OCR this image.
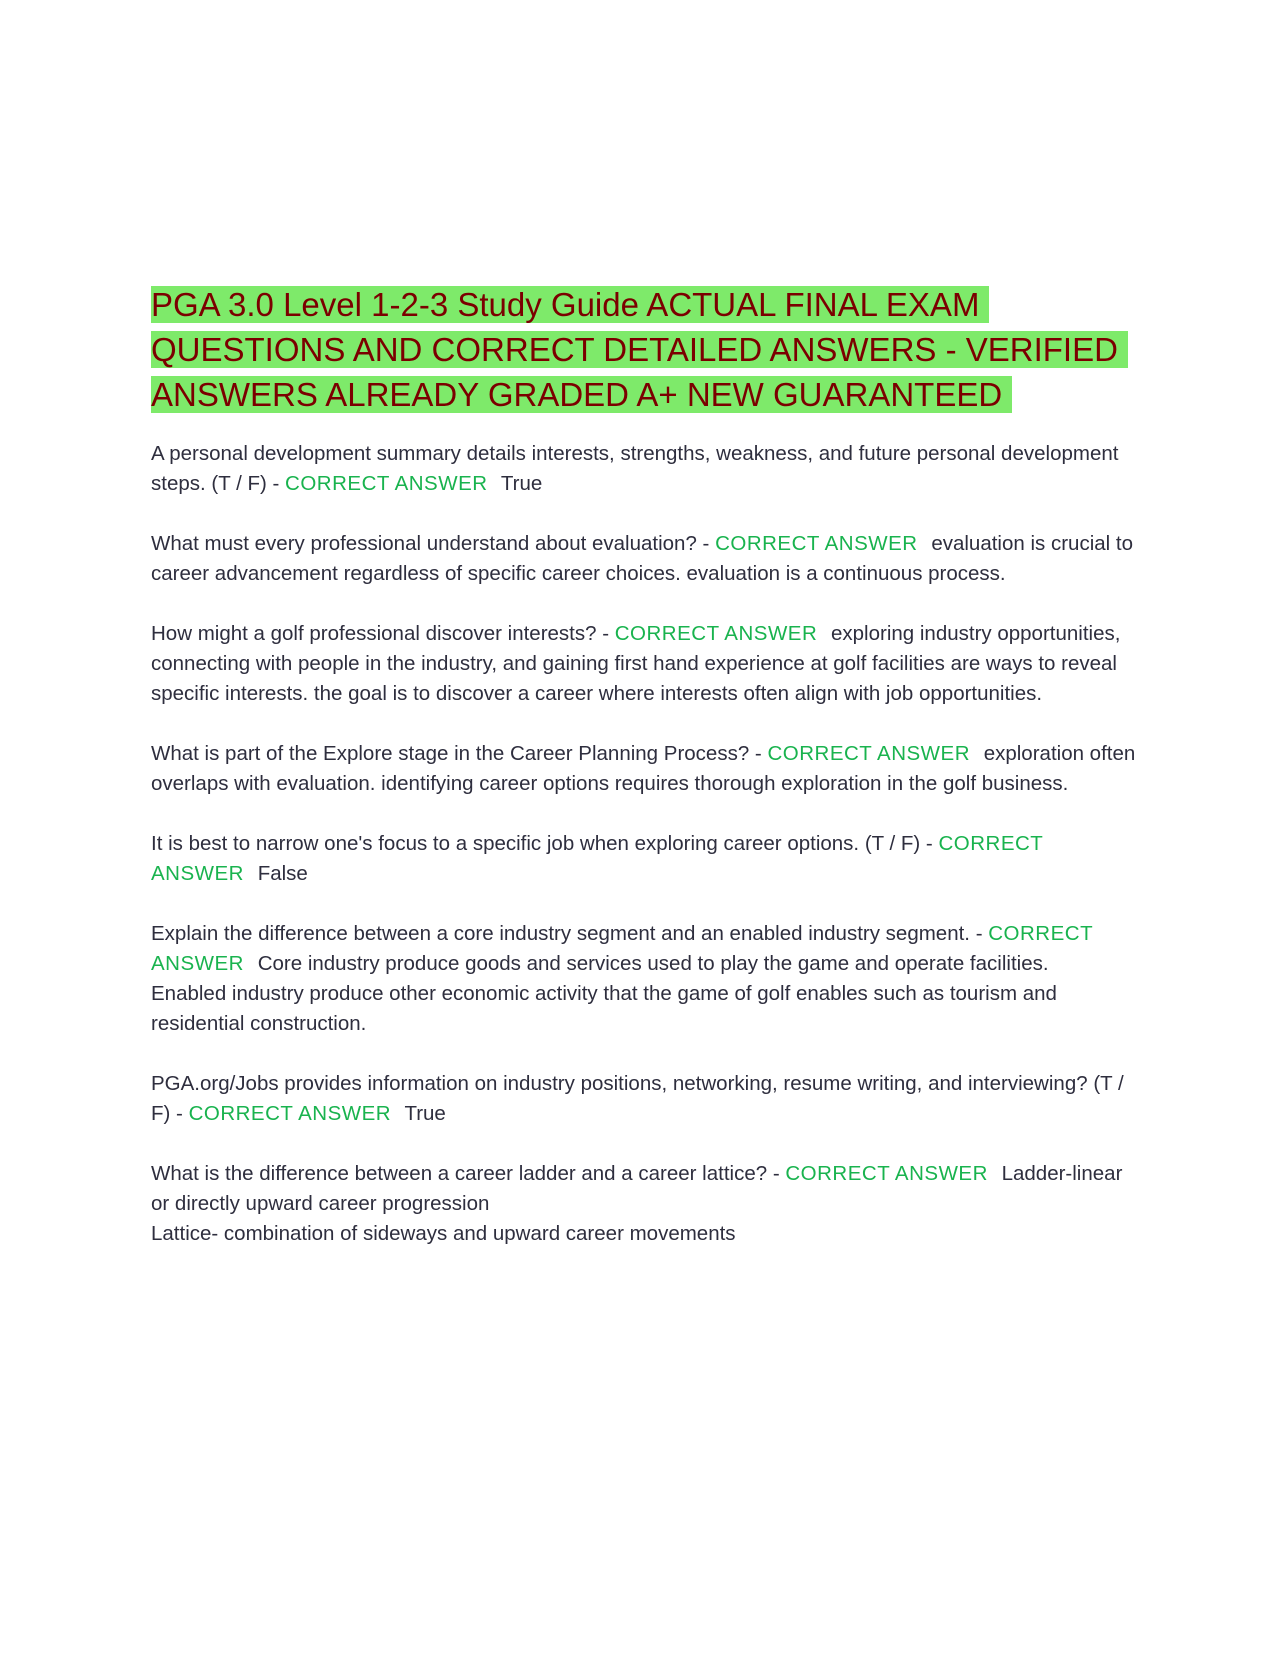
PGA 3.0 Level 1-2-3 Study Guide ACTUAL FINAL EXAM QUESTIONS AND CORRECT DETAILED ANSWERS - VERIFIED ANSWERS ALREADY GRADED A+ NEW GUARANTEED

A personal development summary details interests, strengths, weakness, and future personal development steps. (T / F) - CORRECT ANSWER True

What must every professional understand about evaluation? - CORRECT ANSWER evaluation is crucial to career advancement regardless of specific career choices. evaluation is a continuous process.

How might a golf professional discover interests? - CORRECT ANSWER exploring industry opportunities, connecting with people in the industry, and gaining first hand experience at golf facilities are ways to reveal specific interests. the goal is to discover a career where interests often align with job opportunities.

What is part of the Explore stage in the Career Planning Process? - CORRECT ANSWER exploration often overlaps with evaluation. identifying career options requires thorough exploration in the golf business.

It is best to narrow one's focus to a specific job when exploring career options. (T / F) - CORRECT ANSWER False

Explain the difference between a core industry segment and an enabled industry segment. - CORRECT ANSWER Core industry produce goods and services used to play the game and operate facilities.
Enabled industry produce other economic activity that the game of golf enables such as tourism and residential construction.

PGA.org/Jobs provides information on industry positions, networking, resume writing, and interviewing? (T / F) - CORRECT ANSWER True

What is the difference between a career ladder and a career lattice? - CORRECT ANSWER Ladder-linear or directly upward career progression
Lattice- combination of sideways and upward career movements
